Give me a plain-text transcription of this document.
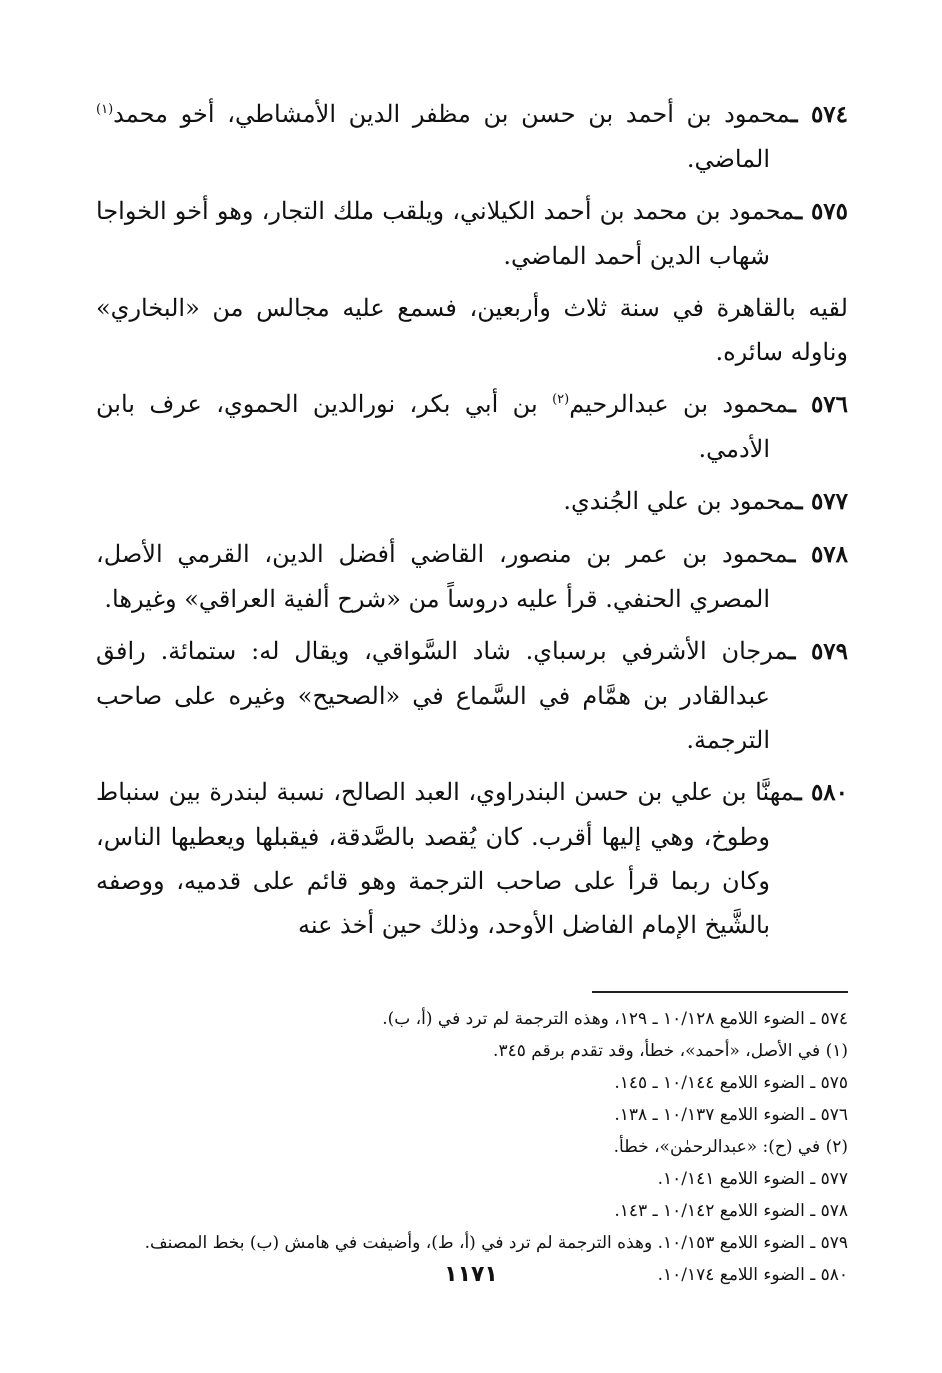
٥٧٤ ـمحمود بن أحمد بن حسن بن مظفر الدين الأمشاطي، أخو محمد$^{(١)}$ الماضي.
٥٧٥ ـمحمود بن محمد بن أحمد الكيلاني، ويلقب ملك التجار، وهو أخو الخواجا شهاب الدين أحمد الماضي.
لقيه بالقاهرة في سنة ثلاث وأربعين، فسمع عليه مجالس من «البخاري» وناوله سائره.
٥٧٦ ـمحمود بن عبدالرحيم$^{(٢)}$ بن أبي بكر، نورالدين الحموي، عرف بابن الأدمي.
٥٧٧ ـمحمود بن علي الجُندي.
٥٧٨ ـمحمود بن عمر بن منصور، القاضي أفضل الدين، القرمي الأصل، المصري الحنفي. قرأ عليه دروساً من «شرح ألفية العراقي» وغيرها.
٥٧٩ ـمرجان الأشرفي برسباي. شاد السَّواقي، ويقال له: ستمائة. رافق عبدالقادر بن همَّام في السَّماع في «الصحيح» وغيره على صاحب الترجمة.
٥٨٠ ـمهنَّا بن علي بن حسن البندراوي، العبد الصالح، نسبة لبندرة بين سنباط وطوخ، وهي إليها أقرب. كان يُقصد بالصَّدقة، فيقبلها ويعطيها الناس، وكان ربما قرأ على صاحب الترجمة وهو قائم على قدميه، ووصفه بالشَّيخ الإمام الفاضل الأوحد، وذلك حين أخذ عنه
٥٧٤ ـ الضوء اللامع ١٠/١٢٨ ـ ١٢٩، وهذه الترجمة لم ترد في (أ، ب).
(١) في الأصل، «أحمد»، خطأ، وقد تقدم برقم ٣٤٥.
٥٧٥ ـ الضوء اللامع ١٠/١٤٤ ـ ١٤٥.
٥٧٦ ـ الضوء اللامع ١٠/١٣٧ ـ ١٣٨.
(٢) في (ح): «عبدالرحمٰن»، خطأ.
٥٧٧ ـ الضوء اللامع ١٠/١٤١.
٥٧٨ ـ الضوء اللامع ١٠/١٤٢ ـ ١٤٣.
٥٧٩ ـ الضوء اللامع ١٠/١٥٣. وهذه الترجمة لم ترد في (أ، ط)، وأضيفت في هامش (ب) بخط المصنف.
٥٨٠ ـ الضوء اللامع ١٠/١٧٤.
١١٧١
